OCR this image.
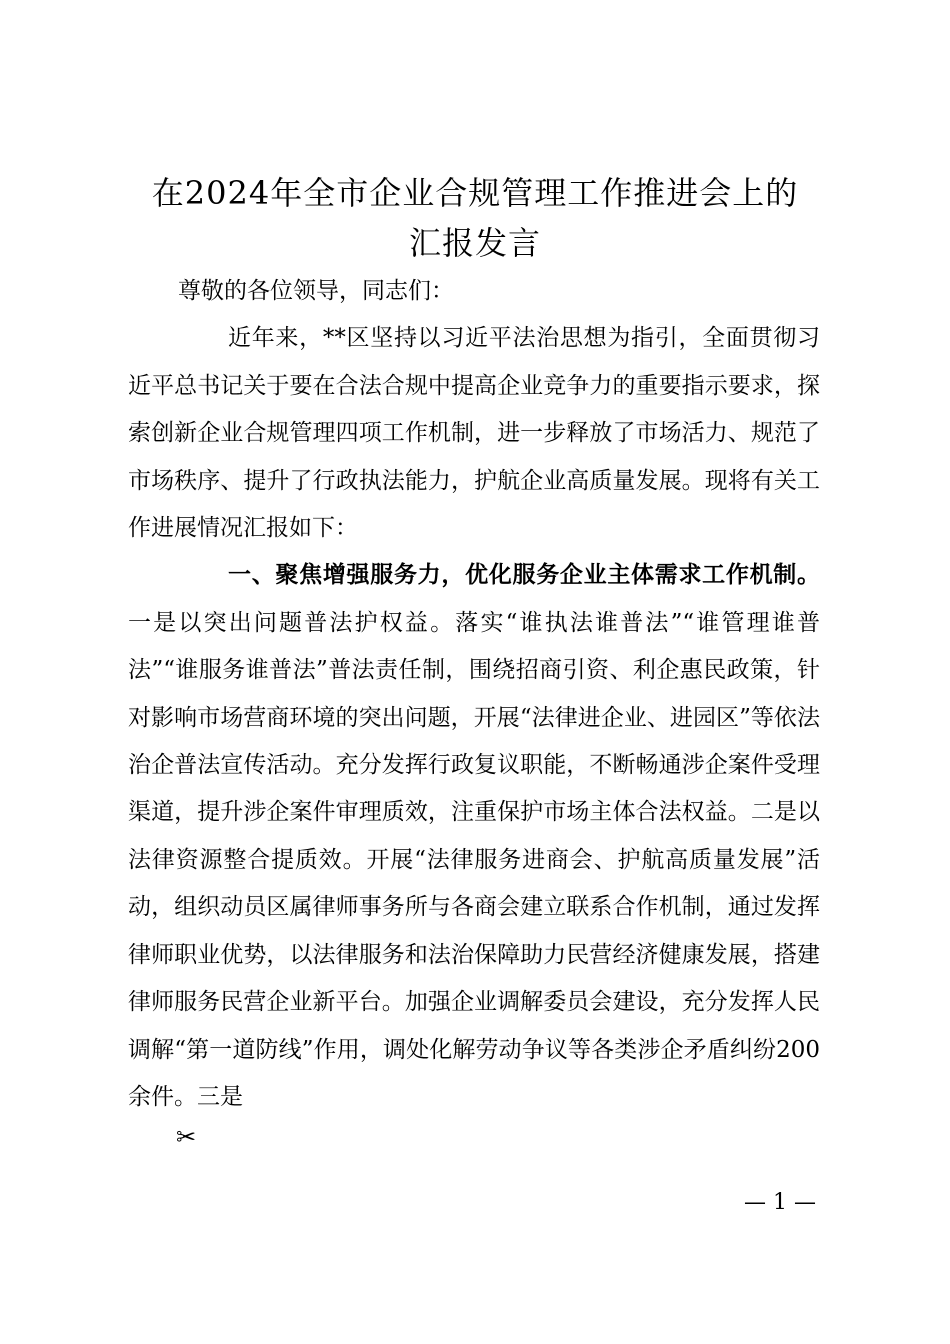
在2024年全市企业合规管理工作推进会上的
汇报发言

尊敬的各位领导，同志们：

近年来，**区坚持以习近平法治思想为指引，全面贯彻习近平总书记关于要在合法合规中提高企业竞争力的重要指示要求，探索创新企业合规管理四项工作机制，进一步释放了市场活力、规范了市场秩序、提升了行政执法能力，护航企业高质量发展。现将有关工作进展情况汇报如下：

一、聚焦增强服务力，优化服务企业主体需求工作机制。一是以突出问题普法护权益。落实“谁执法谁普法”“谁管理谁普法”“谁服务谁普法”普法责任制，围绕招商引资、利企惠民政策，针对影响市场营商环境的突出问题，开展“法律进企业、进园区”等依法治企普法宣传活动。充分发挥行政复议职能，不断畅通涉企案件受理渠道，提升涉企案件审理质效，注重保护市场主体合法权益。二是以法律资源整合提质效。开展“法律服务进商会、护航高质量发展”活动，组织动员区属律师事务所与各商会建立联系合作机制，通过发挥律师职业优势，以法律服务和法治保障助力民营经济健康发展，搭建律师服务民营企业新平台。加强企业调解委员会建设，充分发挥人民调解“第一道防线”作用，调处化解劳动争议等各类涉企矛盾纠纷200余件。三是

✂
— 1 —
